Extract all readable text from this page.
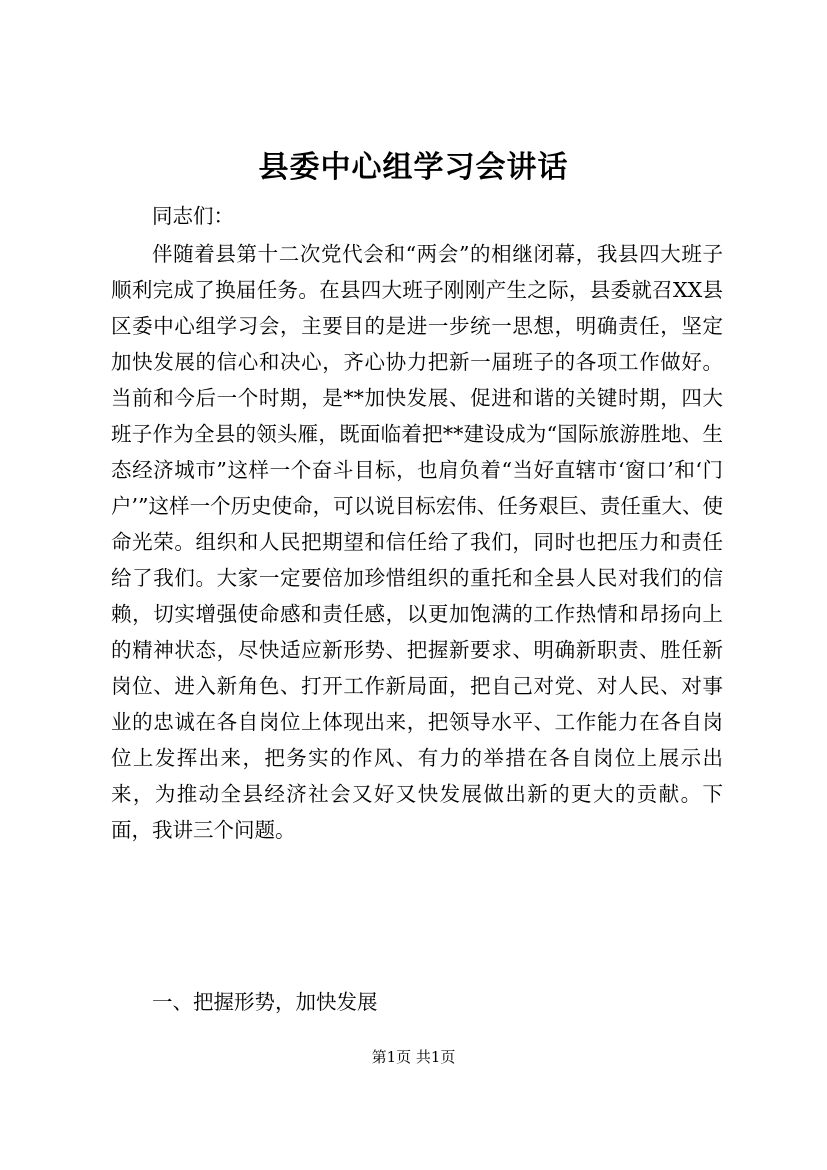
县委中心组学习会讲话

同志们：

伴随着县第十二次党代会和“两会”的相继闭幕，我县四大班子顺利完成了换届任务。在县四大班子刚刚产生之际，县委就召XX县区委中心组学习会，主要目的是进一步统一思想，明确责任，坚定加快发展的信心和决心，齐心协力把新一届班子的各项工作做好。当前和今后一个时期，是**加快发展、促进和谐的关键时期，四大班子作为全县的领头雁，既面临着把**建设成为“国际旅游胜地、生态经济城市”这样一个奋斗目标，也肩负着“当好直辖市‘窗口’和‘门户’”这样一个历史使命，可以说目标宏伟、任务艰巨、责任重大、使命光荣。组织和人民把期望和信任给了我们，同时也把压力和责任给了我们。大家一定要倍加珍惜组织的重托和全县人民对我们的信赖，切实增强使命感和责任感，以更加饱满的工作热情和昂扬向上的精神状态，尽快适应新形势、把握新要求、明确新职责、胜任新岗位、进入新角色、打开工作新局面，把自己对党、对人民、对事业的忠诚在各自岗位上体现出来，把领导水平、工作能力在各自岗位上发挥出来，把务实的作风、有力的举措在各自岗位上展示出来，为推动全县经济社会又好又快发展做出新的更大的贡献。下面，我讲三个问题。

一、把握形势，加快发展

第1页 共1页
